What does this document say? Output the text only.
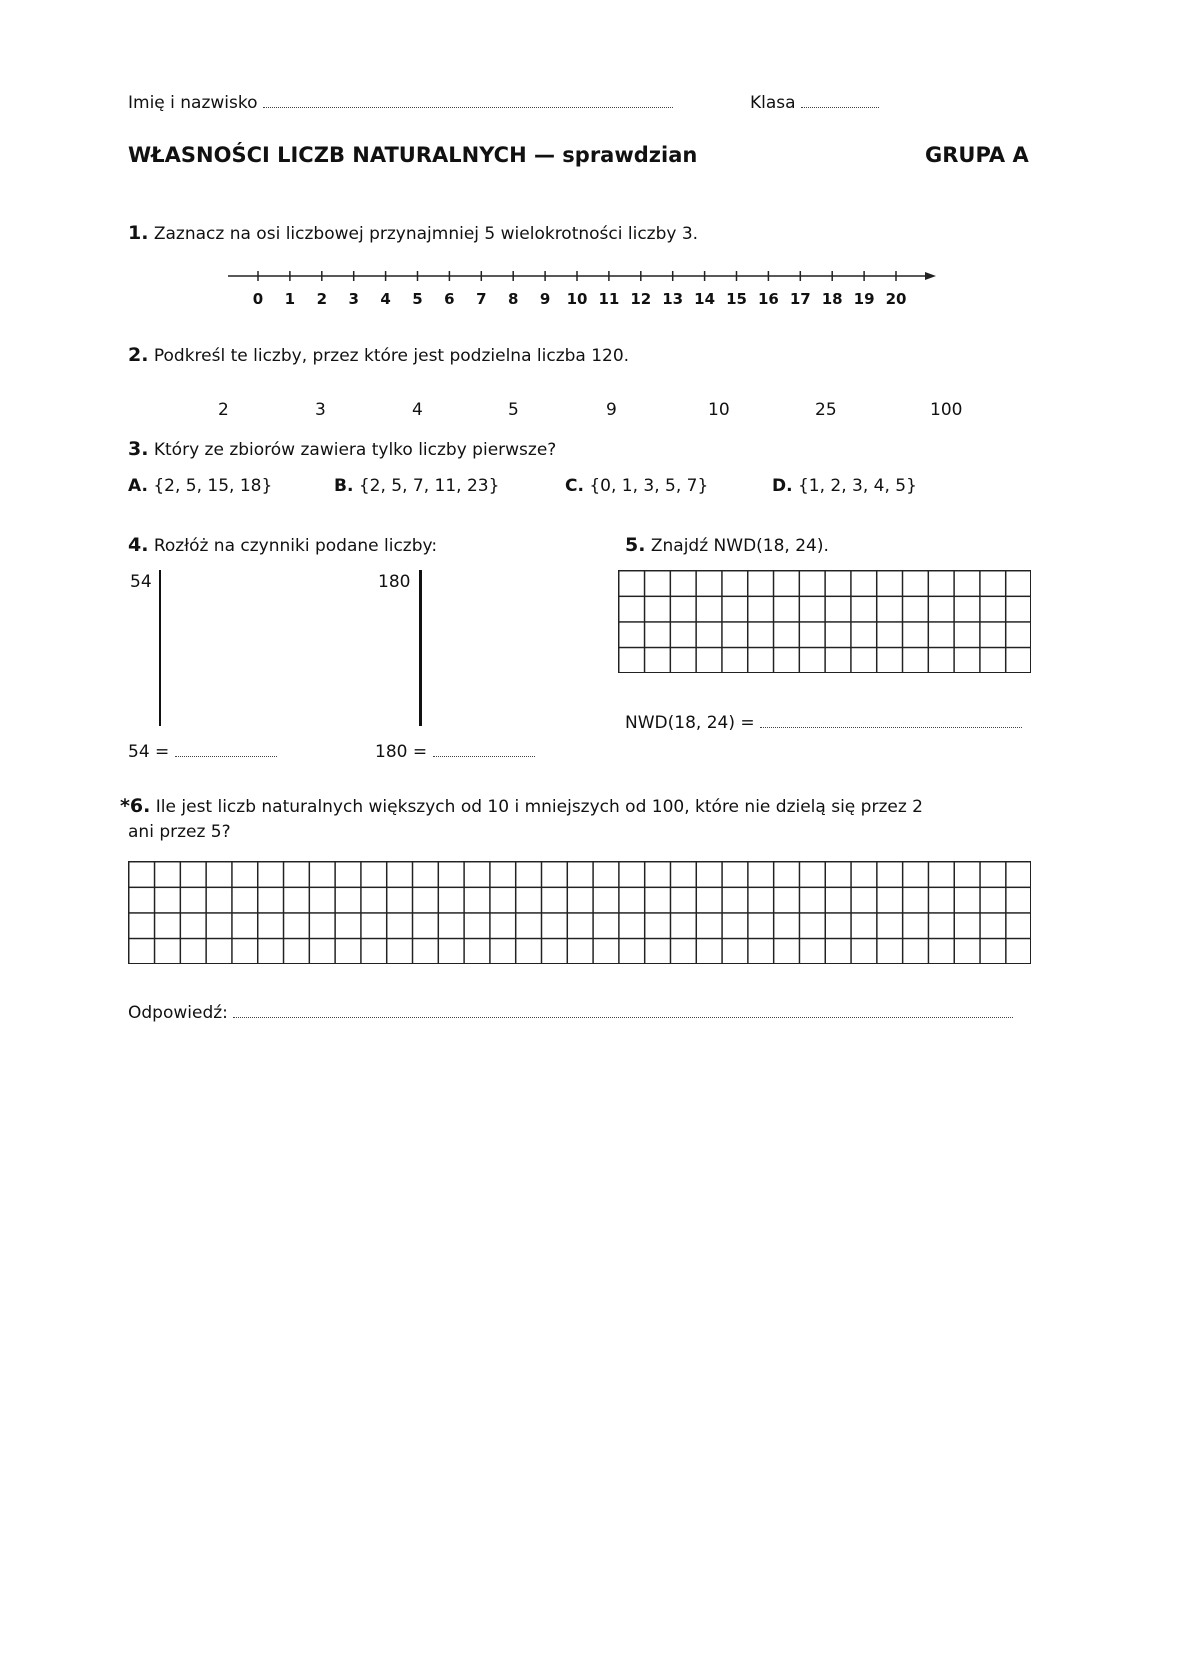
Imię i nazwisko	Klasa
WŁASNOŚCI LICZB NATURALNYCH — sprawdzian	GRUPA A
1. Zaznacz na osi liczbowej przynajmniej 5 wielokrotności liczby 3.
0 1 2 3 4 5 6 7 8 9 10 11 12 13 14 15 16 17 18 19 20
2. Podkreśl te liczby, przez które jest podzielna liczba 120.
2	3	4	5	9	10	25	100
3. Który ze zbiorów zawiera tylko liczby pierwsze?
A. {2, 5, 15, 18}	B. {2, 5, 7, 11, 23}	C. {0, 1, 3, 5, 7}	D. {1, 2, 3, 4, 5}
4. Rozłóż na czynniki podane liczby:
54	180
54 =	180 =
5. Znajdź NWD(18, 24).
NWD(18, 24) =
*6. Ile jest liczb naturalnych większych od 10 i mniejszych od 100, które nie dzielą się przez 2
ani przez 5?
Odpowiedź:
